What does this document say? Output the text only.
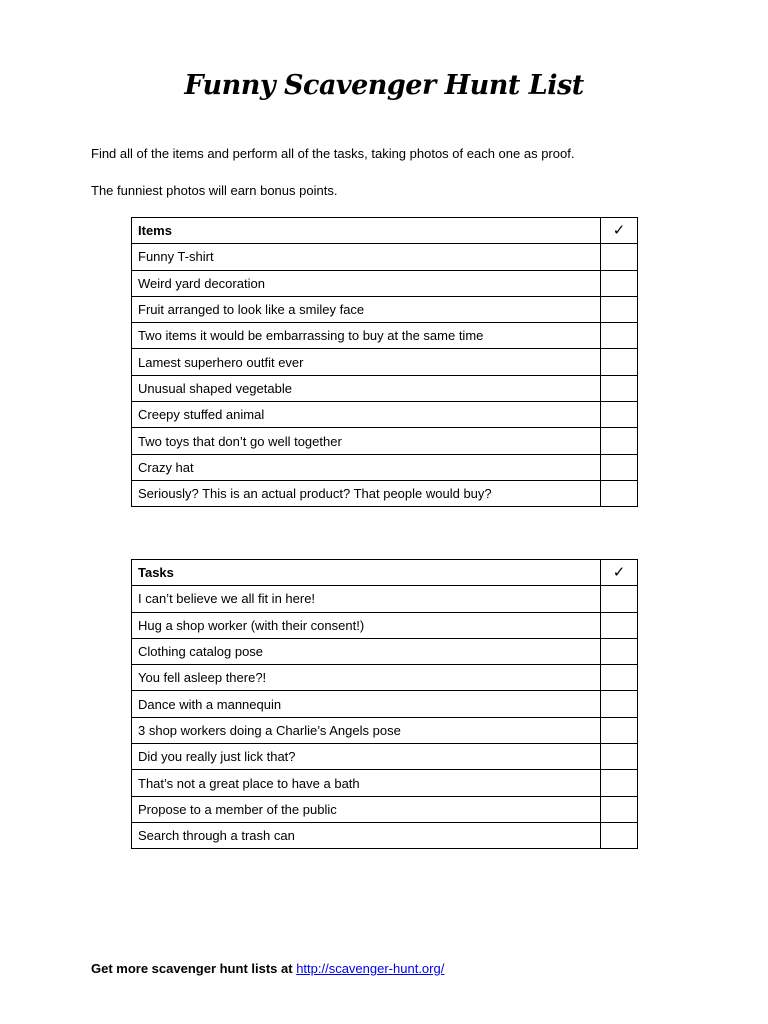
Funny Scavenger Hunt List

Find all of the items and perform all of the tasks, taking photos of each one as proof.

The funniest photos will earn bonus points.

Items	✓
Funny T-shirt	
Weird yard decoration	
Fruit arranged to look like a smiley face	
Two items it would be embarrassing to buy at the same time	
Lamest superhero outfit ever	
Unusual shaped vegetable	
Creepy stuffed animal	
Two toys that don’t go well together	
Crazy hat	
Seriously? This is an actual product? That people would buy?	
Tasks	✓
I can’t believe we all fit in here!	
Hug a shop worker (with their consent!)	
Clothing catalog pose	
You fell asleep there?!	
Dance with a mannequin	
3 shop workers doing a Charlie’s Angels pose	
Did you really just lick that?	
That’s not a great place to have a bath	
Propose to a member of the public	
Search through a trash can	

Get more scavenger hunt lists at http://scavenger-hunt.org/
